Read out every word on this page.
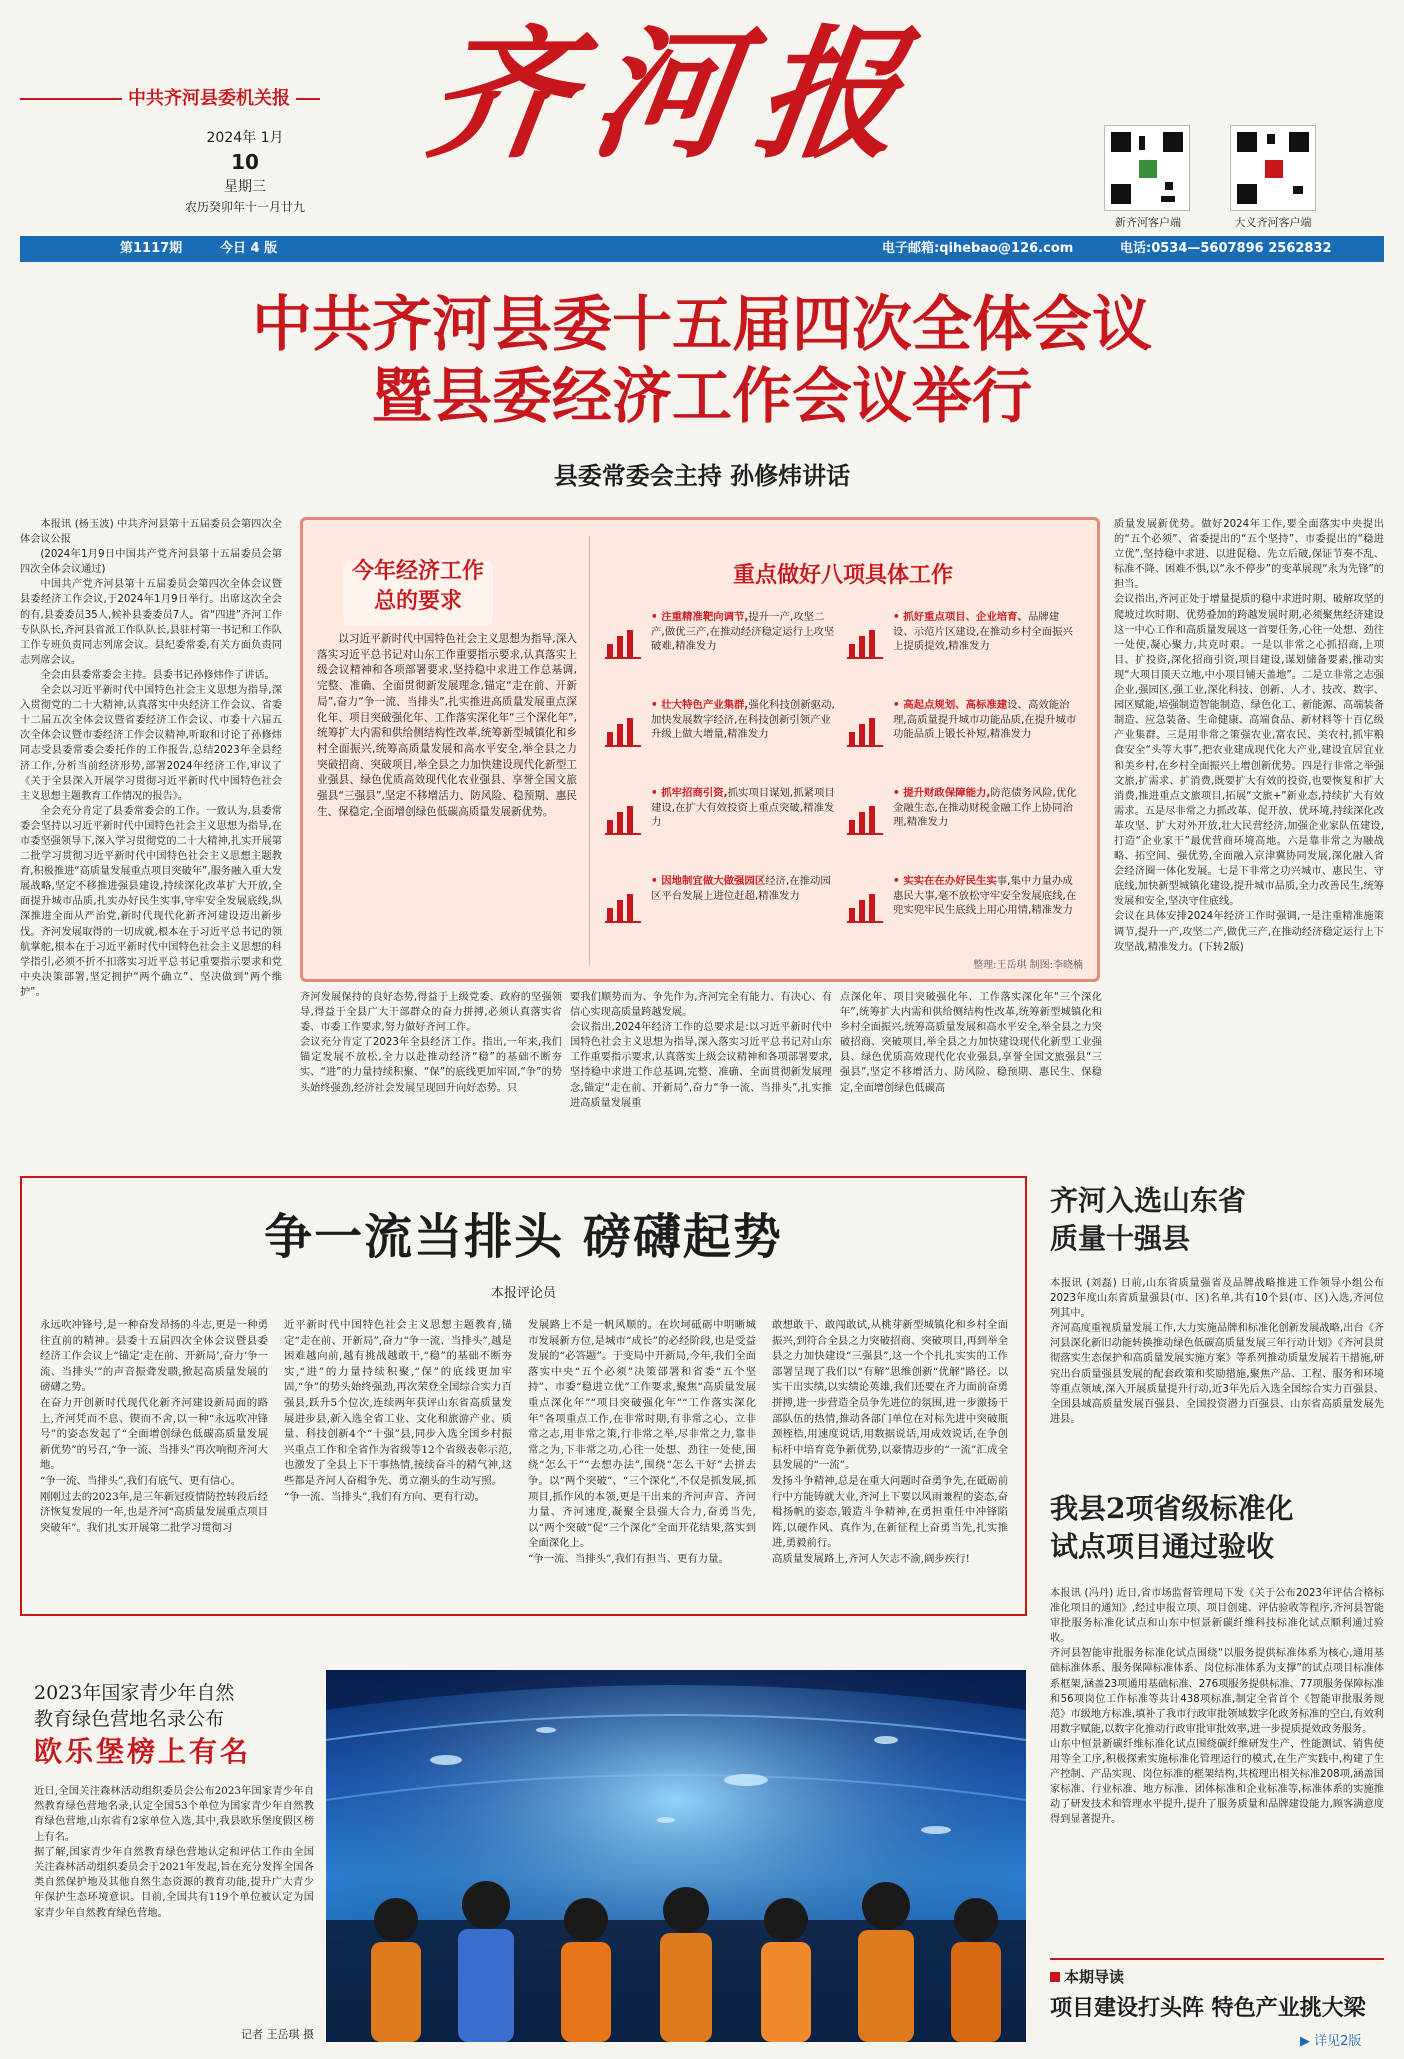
中共齐河县委机关报
2024年 1月
10
星期三
农历癸卯年十一月廿九
齐河报
新齐河客户端	大义齐河客户端
第1117期	今日 4 版	电子邮箱:qihebao@126.com	电话:0534—5607896 2562832
中共齐河县委十五届四次全体会议
暨县委经济工作会议举行
县委常委会主持 孙修炜讲话

本报讯 (杨玉波) 中共齐河县第十五届委员会第四次全体会议公报

(2024年1月9日中国共产党齐河县第十五届委员会第四次全体会议通过)

中国共产党齐河县第十五届委员会第四次全体会议暨县委经济工作会议,于2024年1月9日举行。出席这次全会的有,县委委员35人,候补县委委员7人。省“四进”齐河工作专队队长,齐河县省派工作队队长,县驻村第一书记和工作队工作专班负责同志列席会议。县纪委常委,有关方面负责同志列席会议。

全会由县委常委会主持。县委书记孙修炜作了讲话。

全会以习近平新时代中国特色社会主义思想为指导,深入贯彻党的二十大精神,认真落实中央经济工作会议、省委十二届五次全体会议暨省委经济工作会议、市委十六届五次全体会议暨市委经济工作会议精神,听取和讨论了孙修炜同志受县委常委会委托作的工作报告,总结2023年全县经济工作,分析当前经济形势,部署2024年经济工作,审议了《关于全县深入开展学习贯彻习近平新时代中国特色社会主义思想主题教育工作情况的报告》。

全会充分肯定了县委常委会的工作。一致认为,县委常委会坚持以习近平新时代中国特色社会主义思想为指导,在市委坚强领导下,深入学习贯彻党的二十大精神,扎实开展第二批学习贯彻习近平新时代中国特色社会主义思想主题教育,积极推进“高质量发展重点项目突破年”,服务融入重大发展战略,坚定不移推进强县建设,持续深化改革扩大开放,全面提升城市品质,扎实办好民生实事,守牢安全发展底线,纵深推进全面从严治党,新时代现代化新齐河建设迈出新步伐。齐河发展取得的一切成就,根本在于习近平总书记的领航掌舵,根本在于习近平新时代中国特色社会主义思想的科学指引,必须不折不扣落实习近平总书记重要指示要求和党中央决策部署,坚定拥护“两个确立”、坚决做到“两个维护”。

今年经济工作
总的要求
以习近平新时代中国特色社会主义思想为指导,深入落实习近平总书记对山东工作重要指示要求,认真落实上级会议精神和各项部署要求,坚持稳中求进工作总基调,完整、准确、全面贯彻新发展理念,锚定“走在前、开新局”,奋力“争一流、当排头”,扎实推进高质量发展重点深化年、项目突破强化年、工作落实深化年“三个深化年”,统筹扩大内需和供给侧结构性改革,统筹新型城镇化和乡村全面振兴,统筹高质量发展和高水平安全,举全县之力突破招商、突破项目,举全县之力加快建设现代化新型工业强县、绿色优质高效现代化农业强县、享誉全国文旅强县“三强县”,坚定不移增活力、防风险、稳预期、惠民生、保稳定,全面增创绿色低碳高质量发展新优势。
重点做好八项具体工作
• 注重精准靶向调节,提升一产,攻坚二产,做优三产,在推动经济稳定运行上攻坚破难,精准发力
• 壮大特色产业集群,强化科技创新驱动,加快发展数字经济,在科技创新引领产业升级上做大增量,精准发力
• 抓牢招商引资,抓实项目谋划,抓紧项目建设,在扩大有效投资上重点突破,精准发力
• 因地制宜做大做强园区经济,在推动园区平台发展上进位赶超,精准发力
• 抓好重点项目、企业培育、品牌建设、示范片区建设,在推动乡村全面振兴上提质提效,精准发力
• 高起点规划、高标准建设、高效能治理,高质量提升城市功能品质,在提升城市功能品质上锻长补短,精准发力
• 提升财政保障能力,防范债务风险,优化金融生态,在推动财税金融工作上协同治理,精准发力
• 实实在在办好民生实事,集中力量办成惠民大事,毫不放松守牢安全发展底线,在兜实兜牢民生底线上用心用情,精准发力
整理:王岳琪 制图:李晓楠
齐河发展保持的良好态势,得益于上级党委、政府的坚强领导,得益于全县广大干部群众的奋力拼搏,必须认真落实省委、市委工作要求,努力做好齐河工作。
会议充分肯定了2023年全县经济工作。指出,一年来,我们锚定发展不放松,全力以赴推动经济“稳”的基础不断夯实、“进”的力量持续积聚、“保”的底线更加牢固,“争”的势头始终强劲,经济社会发展呈现回升向好态势。只
要我们顺势而为、争先作为,齐河完全有能力、有决心、有信心实现高质量跨越发展。
会议指出,2024年经济工作的总要求是:以习近平新时代中国特色社会主义思想为指导,深入落实习近平总书记对山东工作重要指示要求,认真落实上级会议精神和各项部署要求,坚持稳中求进工作总基调,完整、准确、全面贯彻新发展理念,锚定“走在前、开新局”,奋力“争一流、当排头”,扎实推进高质量发展重
点深化年、项目突破强化年、工作落实深化年“三个深化年”,统筹扩大内需和供给侧结构性改革,统筹新型城镇化和乡村全面振兴,统筹高质量发展和高水平安全,举全县之力突破招商、突破项目,举全县之力加快建设现代化新型工业强县、绿色优质高效现代化农业强县,享誉全国文旅强县“三强县”,坚定不移增活力、防风险、稳预期、惠民生、保稳定,全面增创绿色低碳高
质量发展新优势。做好2024年工作,要全面落实中央提出的“五个必须”、省委提出的“五个坚持”、市委提出的“稳进立优”,坚持稳中求进、以进促稳、先立后破,保证节奏不乱、标准不降、困难不惧,以“永不停步”的变革展现“永为先锋”的担当。
会议指出,齐河正处于增量提质的稳中求进时期、破解攻坚的爬坡过坎时期、优势叠加的跨越发展时期,必须聚焦经济建设这一中心工作和高质量发展这一首要任务,心往一处想、劲往一处使,凝心聚力,共克时艰。一是以非常之心抓招商,上项目、扩投资,深化招商引资,项目建设,谋划储备要素,推动实现“大项目顶天立地,中小项目铺天盖地”。二是立非常之志强企业,强园区,强工业,深化科技、创新、人才、技改、数字、园区赋能,培强制造智能制造、绿色化工、新能源、高端装备制造、应急装备、生命健康、高端食品、新材料等十百亿级产业集群。三是用非常之策强农业,富农民、美农村,抓牢粮食安全“头等大事”,把农业建成现代化大产业,建设宜居宜业和美乡村,在乡村全面振兴上增创新优势。四是行非常之举强文旅,扩需求、扩消费,既要扩大有效的投资,也要恢复和扩大消费,推进重点文旅项目,拓展“文旅+”新业态,持续扩大有效需求。五是尽非常之力抓改革、促开放、优环境,持续深化改革攻坚、扩大对外开放,壮大民营经济,加强企业家队伍建设,打造“企业家干”最优营商环境高地。六是靠非常之为融战略、拓空间、强优势,全面融入京津冀协同发展,深化融入省会经济圈一体化发展。七是下非常之功兴城市、惠民生、守底线,加快新型城镇化建设,提升城市品质,全力改善民生,统筹发展和安全,坚决守住底线。
会议在具体安排2024年经济工作时强调,一是注重精准施策调节,提升一产,攻坚二产,做优三产,在推动经济稳定运行上下攻坚战,精准发力。(下转2版)
争一流当排头 磅礴起势
本报评论员
永远吹冲锋号,是一种奋发昂扬的斗志,更是一种勇往直前的精神。县委十五届四次全体会议暨县委经济工作会议上“锚定‘走在前、开新局’,奋力‘争一流、当排头’”的声音振聋发聩,掀起高质量发展的磅礴之势。
在奋力开创新时代现代化新齐河建设新局面的路上,齐河凭而不息、锲而不舍,以一种“永远吹冲锋号”的姿态发起了“全面增创绿色低碳高质量发展新优势”的号召,“争一流、当排头”再次响彻齐河大地。
“争一流、当排头”,我们有底气、更有信心。
刚刚过去的2023年,是三年新冠疫情防控转段后经济恢复发展的一年,也是齐河“高质量发展重点项目突破年”。我们扎实开展第二批学习贯彻习
近平新时代中国特色社会主义思想主题教育,锚定“走在前、开新局”,奋力“争一流、当排头”,越是困难越向前,越有挑战越敢干,“稳”的基础不断夯实,“进”的力量持续积聚,“保”的底线更加牢固,“争”的势头始终强劲,再次荣登全国综合实力百强县,跃升5个位次,连续两年获评山东省高质量发展进步县,新入选全省工业、文化和旅游产业、质量、科技创新4个“十强”县,同步入选全国乡村振兴重点工作和全省作为省级等12个省级表彰示范,也激发了全县上下干事热情,接续奋斗的精气神,这些都是齐河人奋楫争先、勇立潮头的生动写照。
“争一流、当排头”,我们有方向、更有行动。
发展路上不是一帆风顺的。在坎坷砥砺中明晰城市发展新方位,是城市“成长”的必经阶段,也是受益发展的“必答题”。于变局中开新局,今年,我们全面落实中央“五个必须”决策部署和省委“五个坚持”、市委“稳进立优”工作要求,聚焦“高质量发展重点深化年”“项目突破强化年”“工作落实深化年”各项重点工作,在非常时期,有非常之心、立非常之志,用非常之策,行非常之举,尽非常之力,靠非常之为,下非常之功,心往一处想、劲往一处使,围绕“怎么干”“去想办法”,围绕“怎么干好”去拼去争。以“两个突破”、“三个深化”,不仅是抓发展,抓项目,抓作风的本领,更是干出来的齐河声音、齐河力量、齐河速度,凝聚全县强大合力,奋勇当先,以“两个突破”促“三个深化”全面开花结果,落实到全面深化上。
“争一流、当排头”,我们有担当、更有力量。
敢想敢干、敢闯敢试,从桃芽新型城镇化和乡村全面振兴,到符合全县之力突破招商、突破项目,再到举全县之力加快建设“三强县”,这一个个扎扎实实的工作部署呈现了我们以“有解”思维创新“优解”路径。以实干出实绩,以实绩论英雄,我们还要在齐力面前奋勇拼搏,进一步营造全员争先进位的氛围,进一步激扬干部队伍的热情,推动各部门单位在对标先进中突破瓶颈桎梏,用速度说话,用数据说话,用成效说话,在争创标杆中培育竞争新优势,以豪情迈步的“一流”汇成全县发展的“一流”。
发扬斗争精神,总是在重大问题时奋勇争先,在砥砺前行中方能铸就大业,齐河上下要以风雨兼程的姿态,奋楫扬帆的姿态,锻造斗争精神,在勇担重任中冲锋陷阵,以硬作风、真作为,在新征程上奋勇当先,扎实推进,勇毅前行。
高质量发展路上,齐河人矢志不渝,阔步疾行!
齐河入选山东省
质量十强县
本报讯 (刘磊) 日前,山东省质量强省及品牌战略推进工作领导小组公布2023年度山东省质量强县(市、区)名单,共有10个县(市、区)入选,齐河位列其中。
齐河高度重视质量发展工作,大力实施品牌和标准化创新发展战略,出台《齐河县深化新旧动能转换推动绿色低碳高质量发展三年行动计划》《齐河县贯彻落实生态保护和高质量发展实施方案》等系列推动质量发展若干措施,研究出台质量强县发展的配套政策和奖励措施,聚焦产品、工程、服务和环境等重点领域,深入开展质量提升行动,近3年先后入选全国综合实力百强县、全国县域高质量发展百强县、全国投资潜力百强县、山东省高质量发展先进县。
我县2项省级标准化
试点项目通过验收
本报讯 (冯丹) 近日,省市场监督管理局下发《关于公布2023年评估合格标准化项目的通知》,经过申报立项、项目创建、评估验收等程序,齐河县智能审批服务标准化试点和山东中恒景新碳纤维科技标准化试点顺利通过验收。
齐河县智能审批服务标准化试点围绕“以服务提供标准体系为核心,通用基础标准体系、服务保障标准体系、岗位标准体系为支撑”的试点项目标准体系框架,涵盖23项通用基础标准、276项服务提供标准、77项服务保障标准和56项岗位工作标准等共计438项标准,制定全省首个《智能审批服务规范》市级地方标准,填补了我市行政审批领域数字化政务标准的空白,有效利用数字赋能,以数字化推动行政审批审批效率,进一步提质提效政务服务。
山东中恒景新碳纤维标准化试点围绕碳纤维研发生产、性能测试、销售使用等全工序,积极探索实施标准化管理运行的模式,在生产实践中,构建了生产控制、产品实现、岗位标准的框架结构,共梳理出相关标准208项,涵盖国家标准、行业标准、地方标准、团体标准和企业标准等,标准体系的实施推动了研发技术和管理水平提升,提升了服务质量和品牌建设能力,顾客满意度得到显著提升。
本期导读
项目建设打头阵 特色产业挑大梁
▶ 详见2版
2023年国家青少年自然
教育绿色营地名录公布
欧乐堡榜上有名
近日,全国关注森林活动组织委员会公布2023年国家青少年自然教育绿色营地名录,认定全国53个单位为国家青少年自然教育绿色营地,山东省有2家单位入选,其中,我县欧乐堡度假区榜上有名。
据了解,国家青少年自然教育绿色营地认定和评估工作由全国关注森林活动组织委员会于2021年发起,旨在充分发挥全国各类自然保护地及其他自然生态资源的教育功能,提升广大青少年保护生态环境意识。目前,全国共有119个单位被认定为国家青少年自然教育绿色营地。
记者 王岳琪 摄
